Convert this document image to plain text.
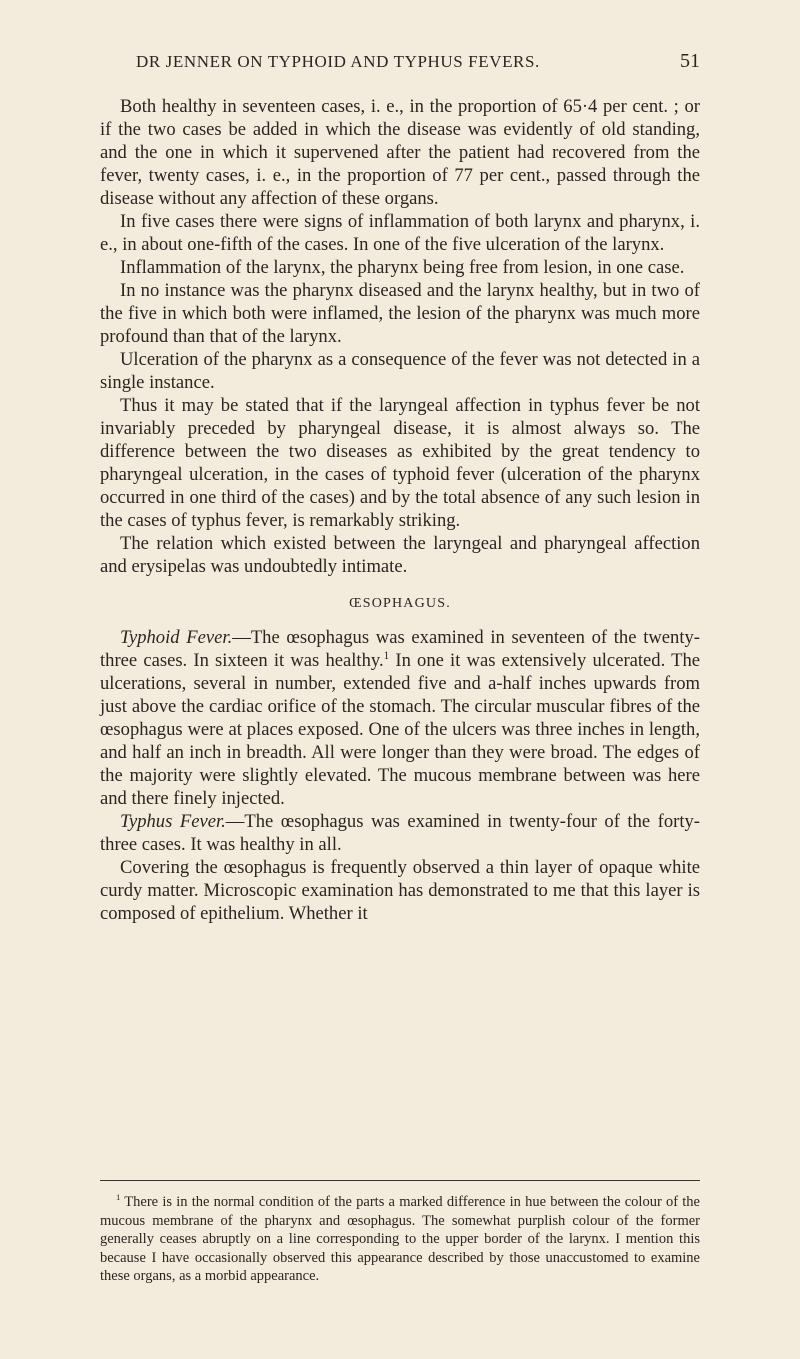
DR JENNER ON TYPHOID AND TYPHUS FEVERS.	51

Both healthy in seventeen cases, i. e., in the proportion of 65·4 per cent. ; or if the two cases be added in which the disease was evidently of old standing, and the one in which it supervened after the patient had recovered from the fever, twenty cases, i. e., in the proportion of 77 per cent., passed through the disease without any affection of these organs.

In five cases there were signs of inflammation of both larynx and pharynx, i. e., in about one-fifth of the cases. In one of the five ulceration of the larynx.

Inflammation of the larynx, the pharynx being free from lesion, in one case.

In no instance was the pharynx diseased and the larynx healthy, but in two of the five in which both were inflamed, the lesion of the pharynx was much more profound than that of the larynx.

Ulceration of the pharynx as a consequence of the fever was not detected in a single instance.

Thus it may be stated that if the laryngeal affection in typhus fever be not invariably preceded by pharyngeal disease, it is almost always so. The difference between the two diseases as exhibited by the great tendency to pharyngeal ulceration, in the cases of typhoid fever (ulceration of the pharynx occurred in one third of the cases) and by the total absence of any such lesion in the cases of typhus fever, is remarkably striking.

The relation which existed between the laryngeal and pharyngeal affection and erysipelas was undoubtedly intimate.

ŒSOPHAGUS.

Typhoid Fever.—The œsophagus was examined in seventeen of the twenty-three cases. In sixteen it was healthy.$^1$ In one it was extensively ulcerated. The ulcerations, several in number, extended five and a-half inches upwards from just above the cardiac orifice of the stomach. The circular muscular fibres of the œsophagus were at places exposed. One of the ulcers was three inches in length, and half an inch in breadth. All were longer than they were broad. The edges of the majority were slightly elevated. The mucous membrane between was here and there finely injected.

Typhus Fever.—The œsophagus was examined in twenty-four of the forty-three cases. It was healthy in all.

Covering the œsophagus is frequently observed a thin layer of opaque white curdy matter. Microscopic examination has demonstrated to me that this layer is composed of epithelium. Whether it

$^1$ There is in the normal condition of the parts a marked difference in hue between the colour of the mucous membrane of the pharynx and œsophagus. The somewhat purplish colour of the former generally ceases abruptly on a line corresponding to the upper border of the larynx. I mention this because I have occasionally observed this appearance described by those unaccustomed to examine these organs, as a morbid appearance.
